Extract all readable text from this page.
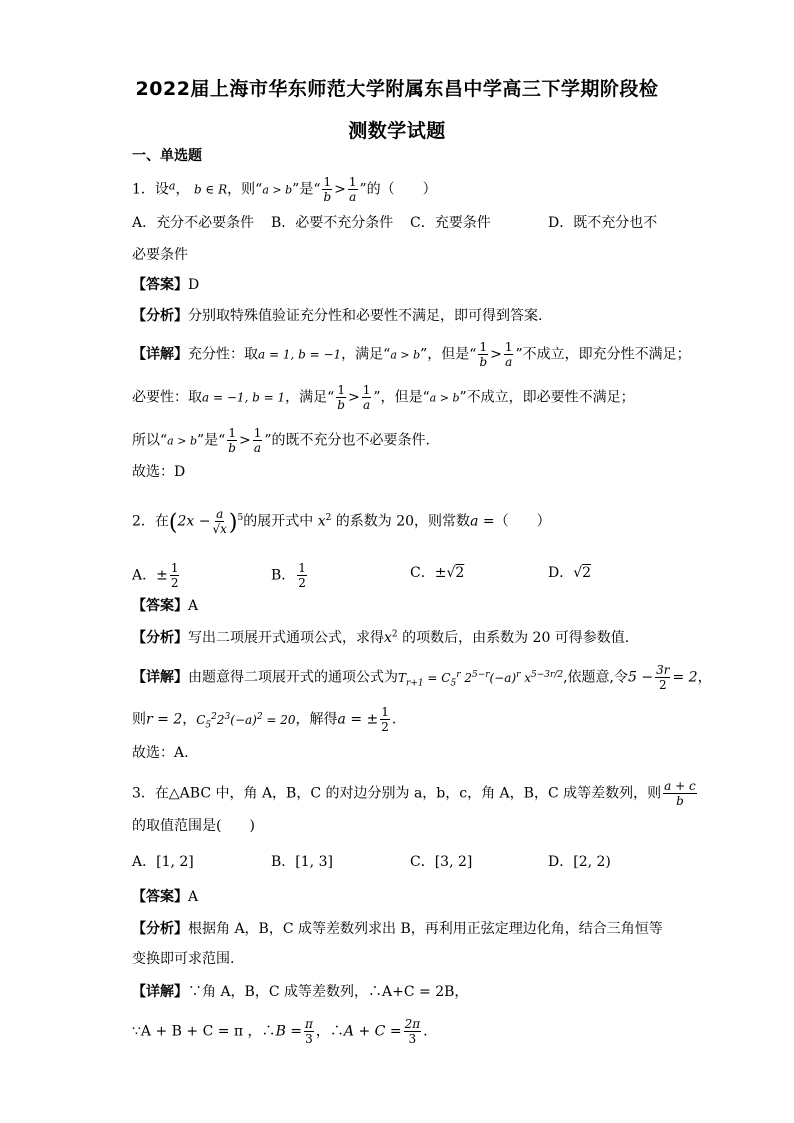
2022届上海市华东师范大学附属东昌中学高三下学期阶段检
测数学试题
一、单选题
1．设$^a$， b ∈ R，则“a > b”是“ $\frac{1}{b} > \frac{1}{a}$ ”的（　　）
A．充分不必要条件 B．必要不充分条件 C．充要条件	D．既不充分也不
必要条件
【答案】D
【分析】分别取特殊值验证充分性和必要性不满足，即可得到答案.
【详解】充分性：取a = 1, b = −1，满足“a > b”，但是“ $\frac{1}{b} > \frac{1}{a}$ ”不成立，即充分性不满足；
必要性：取a = −1, b = 1，满足“ $\frac{1}{b} > \frac{1}{a}$ ”，但是“a > b”不成立，即必要性不满足；
所以“a > b”是“ $\frac{1}{b} > \frac{1}{a}$ ”的既不充分也不必要条件.
故选：D
2．在$(2x - \frac{a}{√x} )^5$的展开式中 $x^2$ 的系数为 20，则常数a =（　　）
A．± $\frac{1}{2}$	B． $\frac{1}{2}$	C．±√2	D．√2
【答案】A
【分析】写出二项展开式通项公式，求得$x^2$ 的项数后，由系数为 20 可得参数值.
【详解】由题意得二项展开式的通项公式为$T_{r+1} = C_5^r$ $2^{5-r}(-a)^r$ $x^{5-3r/2}$,依题意,令$5 - \frac{3r}{2} = 2$，
则r = 2，$C_5^22^3(-a)^2 = 20$，解得a = ± $\frac{1}{2}$ .
故选：A.
3．在△ABC 中，角 A，B，C 的对边分别为 a，b，c，角 A，B，C 成等差数列，则 $\frac{a + c}{b}$
的取值范围是(　　)
A．[1, 2]	B．[1, 3]	C．[3, 2]	D．[2, 2)
【答案】A
【分析】根据角 A，B，C 成等差数列求出 B，再利用正弦定理边化角，结合三角恒等
变换即可求范围.
【详解】∵角 A，B，C 成等差数列，∴A+C = 2B，
∵A + B + C = π ，∴B = $\frac{\pi}{3}$ ，∴A + $C = \frac{2\pi}{3}$ .
